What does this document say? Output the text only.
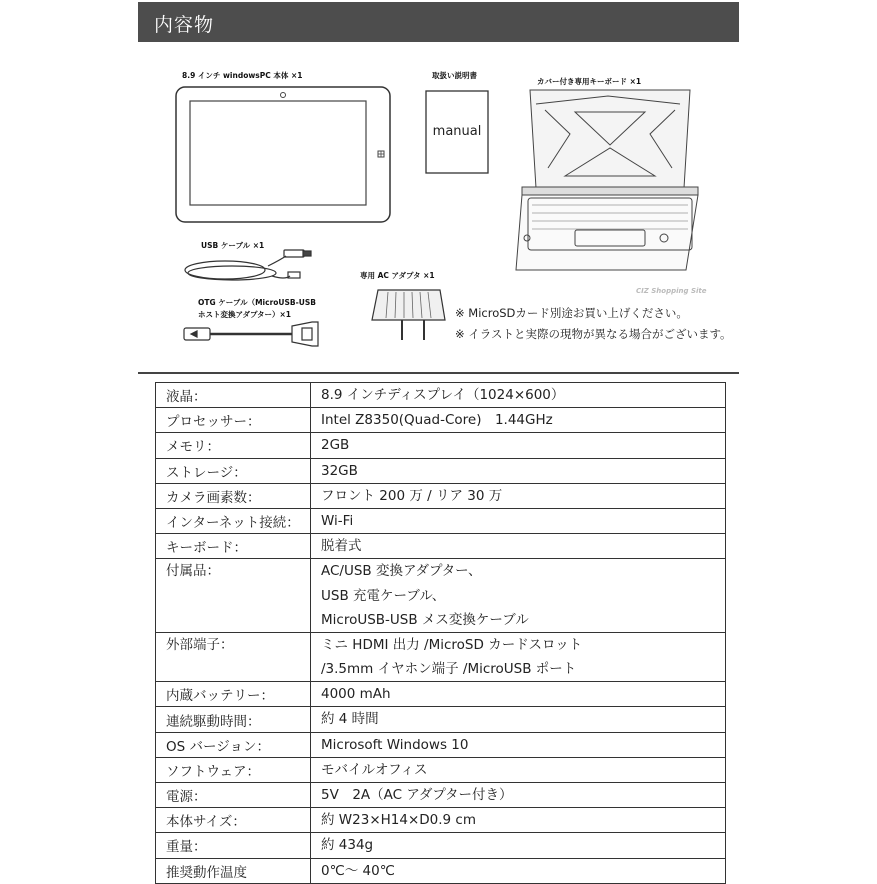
内容物
8.9 インチ windowsPC 本体 ×1	取扱い説明書
カバー付き専用キーボード ×1
USB ケーブル ×1
OTG ケーブル（MicroUSB-USB
ホスト変換アダプター）×1
専用 AC アダプタ ×1
manual
CIZ Shopping Site
※ MicroSDカード別途お買い上げください。
※ イラストと実際の現物が異なる場合がございます。
液晶：	8.9 インチディスプレイ（1024×600）

プロセッサー：	Intel Z8350(Quad-Core)　1.44GHz

メモリ：	2GB

ストレージ：	32GB

カメラ画素数：	フロント 200 万 / リア 30 万

インターネット接続：	Wi-Fi

キーボード：	脱着式

付属品：	AC/USB 変換アダプター、
USB 充電ケーブル、
MicroUSB-USB メス変換ケーブル

外部端子：	ミニ HDMI 出力 /MicroSD カードスロット
/3.5mm イヤホン端子 /MicroUSB ポート

内蔵バッテリー：	4000 mAh

連続駆動時間：	約 4 時間

OS バージョン：	Microsoft Windows 10

ソフトウェア：	モバイルオフィス

電源：	5V　2A（AC アダプター付き）

本体サイズ：	約 W23×H14×D0.9 cm

重量：	約 434g

推奨動作温度	0℃～ 40℃
